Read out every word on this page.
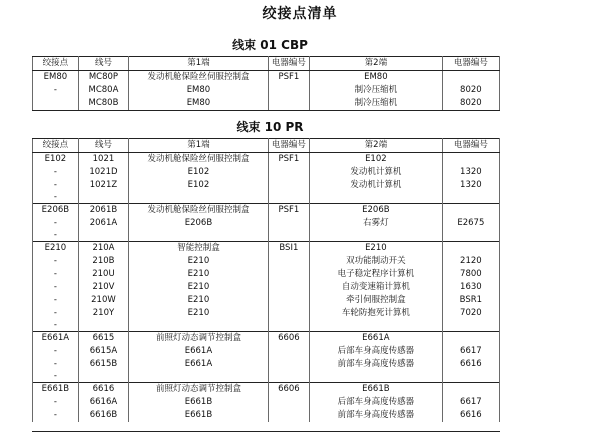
绞接点清单
线束 01 CBP
绞接点	线号	第1端	电器编号	第2端	电器编号
EM80	MC80P	发动机舱保险丝伺服控制盒	PSF1	EM80	
-	MC80A	EM80		制冷压缩机	8020
	MC80B	EM80		制冷压缩机	8020
线束 10 PR
绞接点	线号	第1端	电器编号	第2端	电器编号
E102	1021	发动机舱保险丝伺服控制盒	PSF1	E102	
-	1021D	E102		发动机计算机	1320
-	1021Z	E102		发动机计算机	1320
-					
E206B	2061B	发动机舱保险丝伺服控制盒	PSF1	E206B	
-	2061A	E206B		右雾灯	E2675
-					
E210	210A	智能控制盒	BSI1	E210	
-	210B	E210		双功能制动开关	2120
-	210U	E210		电子稳定程序计算机	7800
-	210V	E210		自动变速箱计算机	1630
-	210W	E210		牵引伺服控制盒	BSR1
-	210Y	E210		车轮防抱死计算机	7020
-					
E661A	6615	前照灯动态调节控制盒	6606	E661A	
-	6615A	E661A		后部车身高度传感器	6617
-	6615B	E661A		前部车身高度传感器	6616
-					
E661B	6616	前照灯动态调节控制盒	6606	E661B	
-	6616A	E661B		后部车身高度传感器	6617
-	6616B	E661B		前部车身高度传感器	6616
